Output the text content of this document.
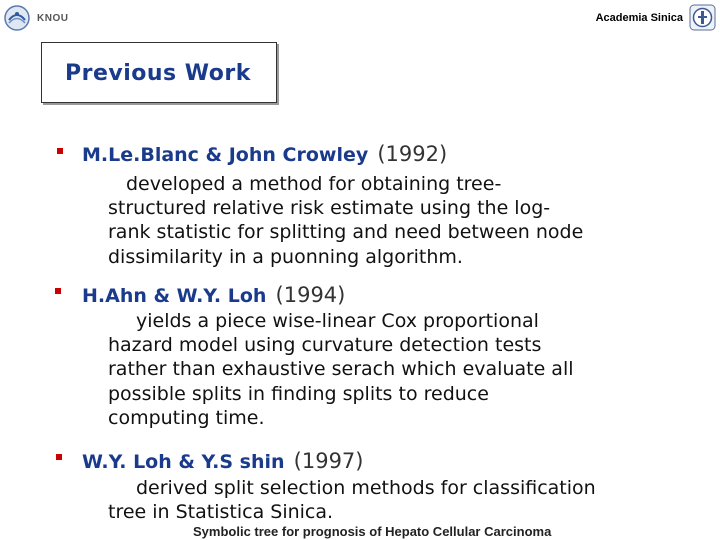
KNOU	Academia Sinica
Previous Work
M.Le.Blanc & John Crowley (1992)
developed a method for obtaining tree-
structured relative risk estimate using the log-
rank statistic for splitting and need between node
dissimilarity in a puonning algorithm.
H.Ahn & W.Y. Loh (1994)
yields a piece wise-linear Cox proportional
hazard model using curvature detection tests
rather than exhaustive serach which evaluate all
possible splits in finding splits to reduce
computing time.
W.Y. Loh & Y.S shin (1997)
derived split selection methods for classification
tree in Statistica Sinica.
Symbolic tree for prognosis of Hepato Cellular Carcinoma
